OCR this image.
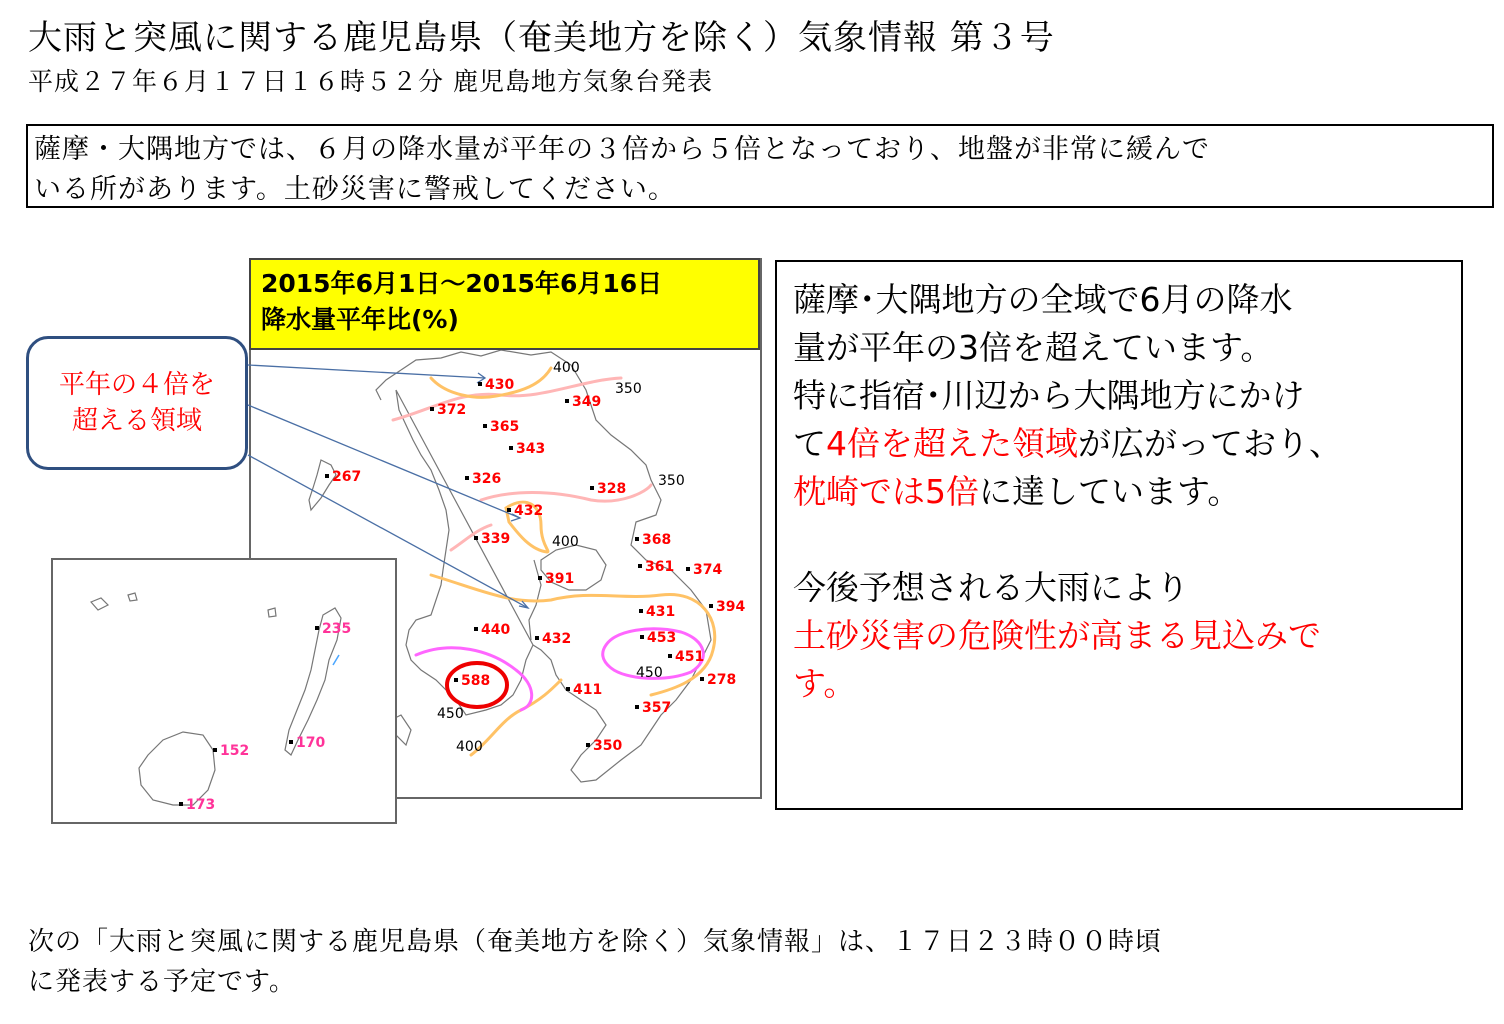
大雨と突風に関する鹿児島県（奄美地方を除く）気象情報 第３号
平成２７年６月１７日１６時５２分 鹿児島地方気象台発表
薩摩・大隅地方では、６月の降水量が平年の３倍から５倍となっており、地盤が非常に緩んで
いる所があります。土砂災害に警戒してください。
2015年6月1日～2015年6月16日
降水量平年比(%)
430
372	349
365
343
267	326
328
432
339	368
391
361 374
394
431
440
432	453
451
588
411
278
357
350
400
350
350
400
450
450
400
平年の４倍を
超える領域
235
170
152
173

薩摩･大隅地方の全域で6月の降水

量が平年の3倍を超えています。

特に指宿･川辺から大隅地方にかけ

て4倍を超えた領域が広がっており、

枕崎では5倍に達しています。

今後予想される大雨により

土砂災害の危険性が高まる見込みで

す。

次の「大雨と突風に関する鹿児島県（奄美地方を除く）気象情報」は、１７日２３時００時頃
に発表する予定です。
